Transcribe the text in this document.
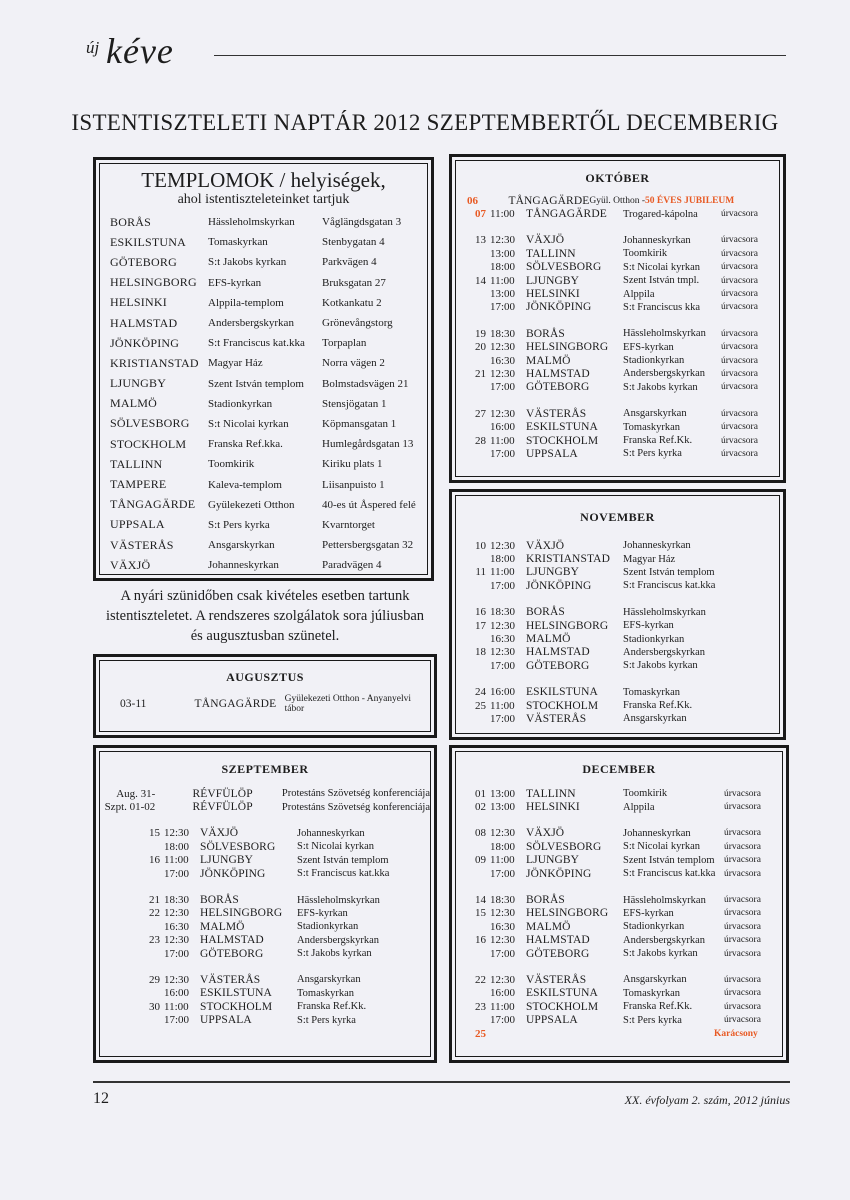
új kéve
ISTENTISZTELETI NAPTÁR 2012 SZEPTEMBERTŐL DECEMBERIG
TEMPLOMOK / helyiségek,
ahol istentiszteleteinket tartjuk
BORÅS	Hässleholmskyrkan	Våglängdsgatan 3
ESKILSTUNA	Tomaskyrkan	Stenbygatan 4
GÖTEBORG	S:t Jakobs kyrkan	Parkvägen 4
HELSINGBORG	EFS-kyrkan	Bruksgatan 27
HELSINKI	Alppila-templom	Kotkankatu 2
HALMSTAD	Andersbergskyrkan	Grönevångstorg
JÖNKÖPING	S:t Franciscus kat.kka	Torpaplan
KRISTIANSTAD Magyar Ház	Norra vägen 2
LJUNGBY	Szent István templom	Bolmstadsvägen 21
MALMÖ	Stadionkyrkan	Stensjögatan 1
SÖLVESBORG	S:t Nicolai kyrkan	Köpmansgatan 1
STOCKHOLM	Franska Ref.kka.	Humlegårdsgatan 13
TALLINN	Toomkirik	Kiriku plats 1
TAMPERE	Kaleva-templom	Liisanpuisto 1
TÅNGAGÄRDE	Gyülekezeti Otthon	40-es út Åspered felé
UPPSALA	S:t Pers kyrka	Kvarntorget
VÄSTERÅS	Ansgarskyrkan	Pettersbergsgatan 32
VÄXJÖ	Johanneskyrkan	Paradvägen 4
A nyári szünidőben csak kivételes esetben tartunk istentiszteletet. A rendszeres szolgálatok sora júliusban és augusztusban szünetel.
AUGUSZTUS
03-11	TÅNGAGÄRDE Gyülekezeti Otthon - Anyanyelvi tábor
SZEPTEMBER
Aug. 31-	RÉVFÜLÖP	Protestáns Szövetség konferenciája
Szpt. 01-02	RÉVFÜLÖP	Protestáns Szövetség konferenciája
15 12:30 VÄXJÖ	Johanneskyrkan
18:00 SÖLVESBORG	S:t Nicolai kyrkan
16 11:00 LJUNGBY	Szent István templom
17:00 JÖNKÖPING	S:t Franciscus kat.kka
21 18:30 BORÅS	Hässleholmskyrkan
22 12:30 HELSINGBORG	EFS-kyrkan
16:30 MALMÖ	Stadionkyrkan
23 12:30 HALMSTAD	Andersbergskyrkan
17:00 GÖTEBORG	S:t Jakobs kyrkan
29 12:30 VÄSTERÅS	Ansgarskyrkan
16:00 ESKILSTUNA	Tomaskyrkan
30 11:00 STOCKHOLM	Franska Ref.Kk.
17:00 UPPSALA	S:t Pers kyrka
OKTÓBER
06	TÅNGAGÄRDE Gyül. Otthon - 50 ÉVES JUBILEUM
07 11:00 TÅNGAGÄRDE	Trogared-kápolna	úrvacsora
13 12:30 VÄXJÖ	Johanneskyrkan	úrvacsora
13:00 TALLINN	Toomkirik	úrvacsora
18:00 SÖLVESBORG	S:t Nicolai kyrkan	úrvacsora
14 11:00 LJUNGBY	Szent István tmpl.	úrvacsora
13:00 HELSINKI	Alppila	úrvacsora
17:00 JÖNKÖPING	S:t Franciscus kka	úrvacsora
19 18:30 BORÅS	Hässleholmskyrkan	úrvacsora
20 12:30 HELSINGBORG	EFS-kyrkan	úrvacsora
16:30 MALMÖ	Stadionkyrkan	úrvacsora
21 12:30 HALMSTAD	Andersbergskyrkan	úrvacsora
17:00 GÖTEBORG	S:t Jakobs kyrkan	úrvacsora
27 12:30 VÄSTERÅS	Ansgarskyrkan	úrvacsora
16:00 ESKILSTUNA	Tomaskyrkan	úrvacsora
28 11:00 STOCKHOLM	Franska Ref.Kk.	úrvacsora
17:00 UPPSALA	S:t Pers kyrka	úrvacsora
NOVEMBER
10 12:30 VÄXJÖ	Johanneskyrkan
18:00 KRISTIANSTAD	Magyar Ház
11 11:00 LJUNGBY	Szent István templom
17:00 JÖNKÖPING	S:t Franciscus kat.kka
16 18:30 BORÅS	Hässleholmskyrkan
17 12:30 HELSINGBORG	EFS-kyrkan
16:30 MALMÖ	Stadionkyrkan
18 12:30 HALMSTAD	Andersbergskyrkan
17:00 GÖTEBORG	S:t Jakobs kyrkan
24 16:00 ESKILSTUNA	Tomaskyrkan
25 11:00 STOCKHOLM	Franska Ref.Kk.
17:00 VÄSTERÅS	Ansgarskyrkan
DECEMBER
01 13:00 TALLINN	Toomkirik	úrvacsora
02 13:00 HELSINKI	Alppila	úrvacsora
08 12:30 VÄXJÖ	Johanneskyrkan	úrvacsora
18:00 SÖLVESBORG	S:t Nicolai kyrkan	úrvacsora
09 11:00 LJUNGBY	Szent István templom úrvacsora
17:00 JÖNKÖPING	S:t Franciscus kat.kka úrvacsora
14 18:30 BORÅS	Hässleholmskyrkan	úrvacsora
15 12:30 HELSINGBORG	EFS-kyrkan	úrvacsora
16:30 MALMÖ	Stadionkyrkan	úrvacsora
16 12:30 HALMSTAD	Andersbergskyrkan	úrvacsora
17:00 GÖTEBORG	S:t Jakobs kyrkan	úrvacsora
22 12:30 VÄSTERÅS	Ansgarskyrkan	úrvacsora
16:00 ESKILSTUNA	Tomaskyrkan	úrvacsora
23 11:00 STOCKHOLM	Franska Ref.Kk.	úrvacsora
17:00 UPPSALA	S:t Pers kyrka	úrvacsora
25	Karácsony
12	XX. évfolyam 2. szám, 2012 június
